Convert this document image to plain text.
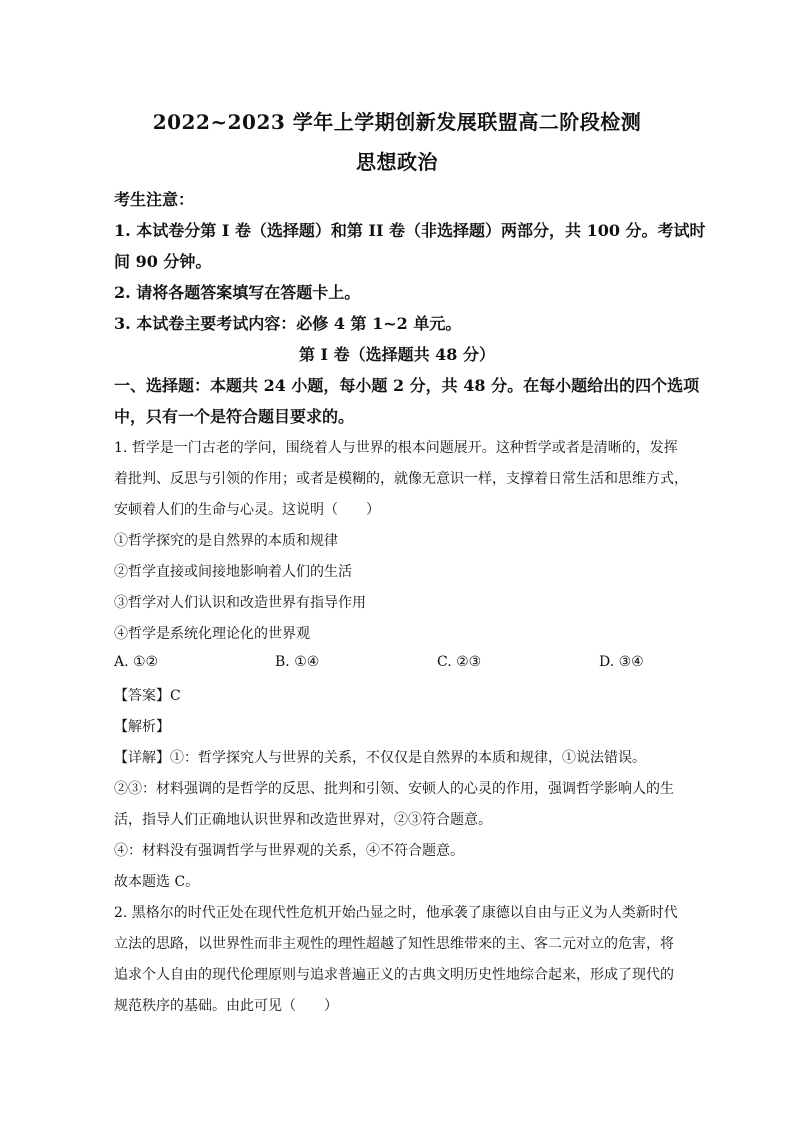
2022~2023 学年上学期创新发展联盟高二阶段检测
思想政治
考生注意：
1. 本试卷分第 I 卷（选择题）和第 II 卷（非选择题）两部分，共 100 分。考试时
间 90 分钟。
2. 请将各题答案填写在答题卡上。
3. 本试卷主要考试内容：必修 4 第 1~2 单元。
第 I 卷（选择题共 48 分）
一、选择题：本题共 24 小题，每小题 2 分，共 48 分。在每小题给出的四个选项
中，只有一个是符合题目要求的。
1. 哲学是一门古老的学问，围绕着人与世界的根本问题展开。这种哲学或者是清晰的，发挥
着批判、反思与引领的作用；或者是模糊的，就像无意识一样，支撑着日常生活和思维方式，
安顿着人们的生命与心灵。这说明（　　）
①哲学探究的是自然界的本质和规律
②哲学直接或间接地影响着人们的生活
③哲学对人们认识和改造世界有指导作用
④哲学是系统化理论化的世界观
A. ①②	B. ①④	C. ②③	D. ③④
【答案】C
【解析】
【详解】①：哲学探究人与世界的关系，不仅仅是自然界的本质和规律，①说法错误。
②③：材料强调的是哲学的反思、批判和引领、安顿人的心灵的作用，强调哲学影响人的生
活，指导人们正确地认识世界和改造世界对，②③符合题意。
④：材料没有强调哲学与世界观的关系，④不符合题意。
故本题选 C。
2. 黑格尔的时代正处在现代性危机开始凸显之时，他承袭了康德以自由与正义为人类新时代
立法的思路，以世界性而非主观性的理性超越了知性思维带来的主、客二元对立的危害，将
追求个人自由的现代伦理原则与追求普遍正义的古典文明历史性地综合起来，形成了现代的
规范秩序的基础。由此可见（　　）
